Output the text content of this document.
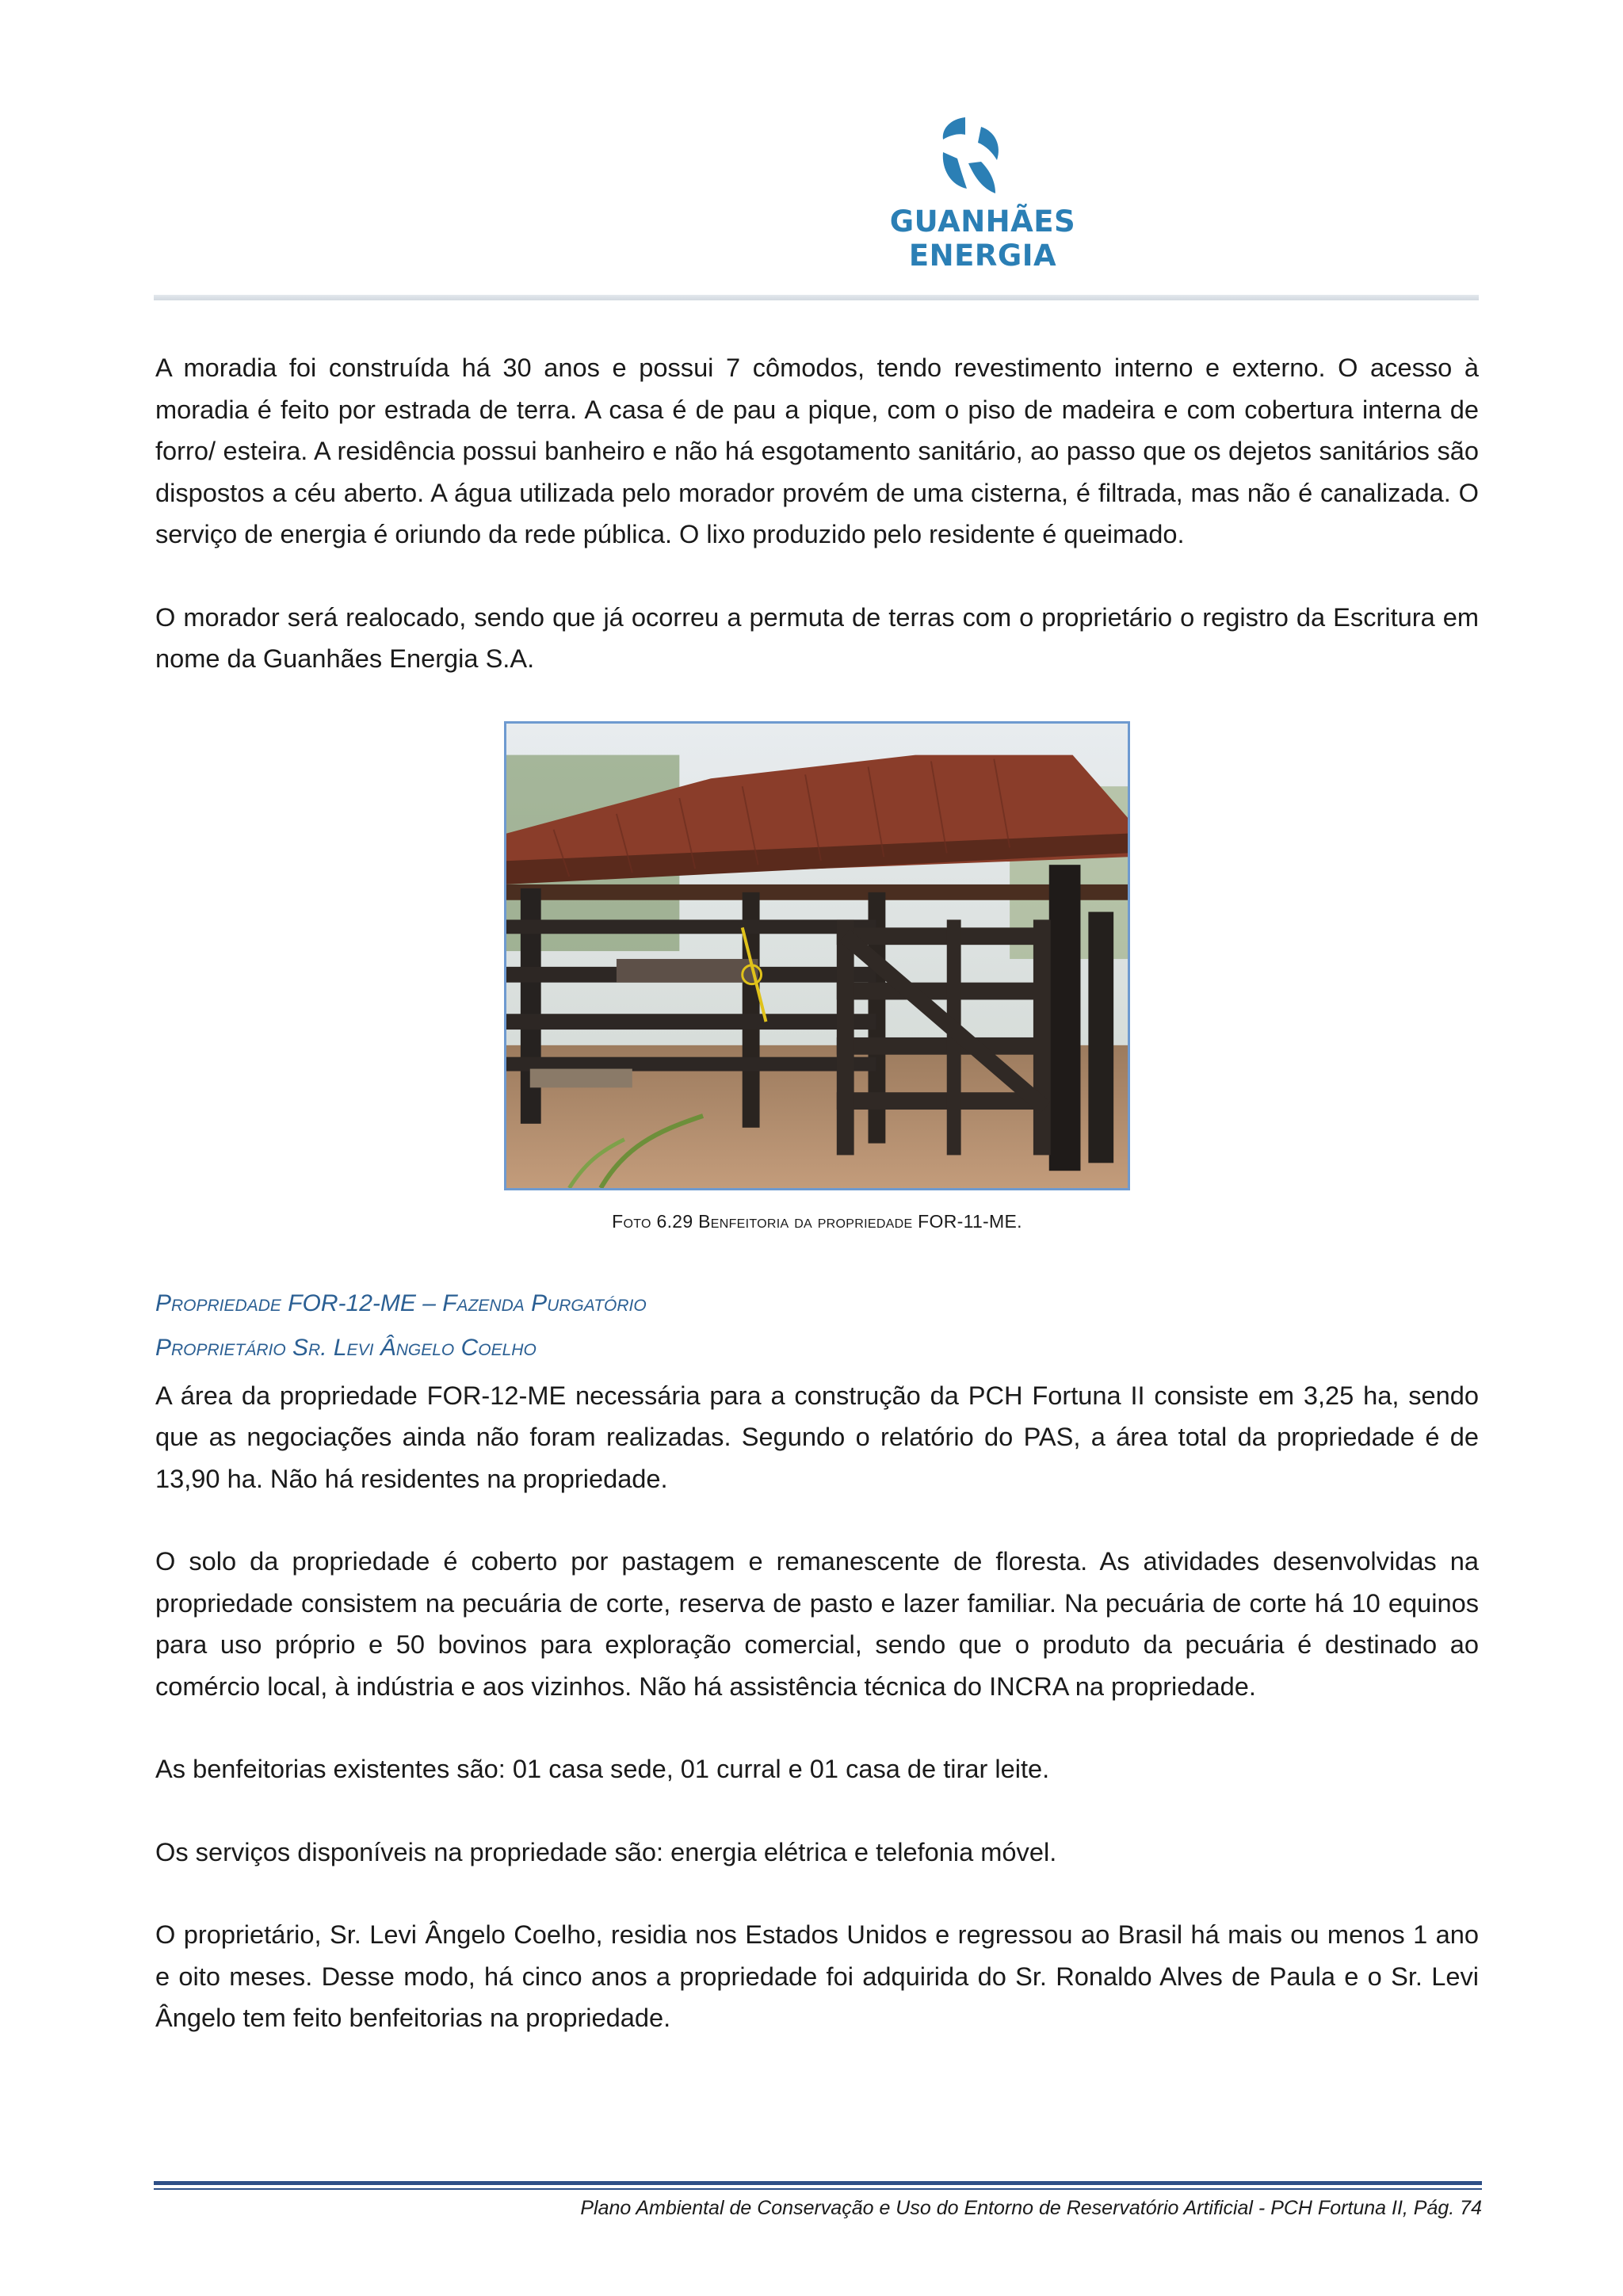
GUANHÃES ENERGIA

A moradia foi construída há 30 anos e possui 7 cômodos, tendo revestimento interno e externo. O acesso à moradia é feito por estrada de terra. A casa é de pau a pique, com o piso de madeira e com cobertura interna de forro/ esteira. A residência possui banheiro e não há esgotamento sanitário, ao passo que os dejetos sanitários são dispostos a céu aberto. A água utilizada pelo morador provém de uma cisterna, é filtrada, mas não é canalizada. O serviço de energia é oriundo da rede pública. O lixo produzido pelo residente é queimado.

O morador será realocado, sendo que já ocorreu a permuta de terras com o proprietário o registro da Escritura em nome da Guanhães Energia S.A.

Foto 6.29 Benfeitoria da propriedade FOR-11-ME.

Propriedade FOR-12-ME – Fazenda Purgatório

Proprietário Sr. Levi Ângelo Coelho

A área da propriedade FOR-12-ME necessária para a construção da PCH Fortuna II consiste em 3,25 ha, sendo que as negociações ainda não foram realizadas. Segundo o relatório do PAS, a área total da propriedade é de 13,90 ha. Não há residentes na propriedade.

O solo da propriedade é coberto por pastagem e remanescente de floresta. As atividades desenvolvidas na propriedade consistem na pecuária de corte, reserva de pasto e lazer familiar. Na pecuária de corte há 10 equinos para uso próprio e 50 bovinos para exploração comercial, sendo que o produto da pecuária é destinado ao comércio local, à indústria e aos vizinhos. Não há assistência técnica do INCRA na propriedade.

As benfeitorias existentes são: 01 casa sede, 01 curral e 01 casa de tirar leite.

Os serviços disponíveis na propriedade são: energia elétrica e telefonia móvel.

O proprietário, Sr. Levi Ângelo Coelho, residia nos Estados Unidos e regressou ao Brasil há mais ou menos 1 ano e oito meses. Desse modo, há cinco anos a propriedade foi adquirida do Sr. Ronaldo Alves de Paula e o Sr. Levi Ângelo tem feito benfeitorias na propriedade.

Plano Ambiental de Conservação e Uso do Entorno de Reservatório Artificial - PCH Fortuna II, Pág. 74
